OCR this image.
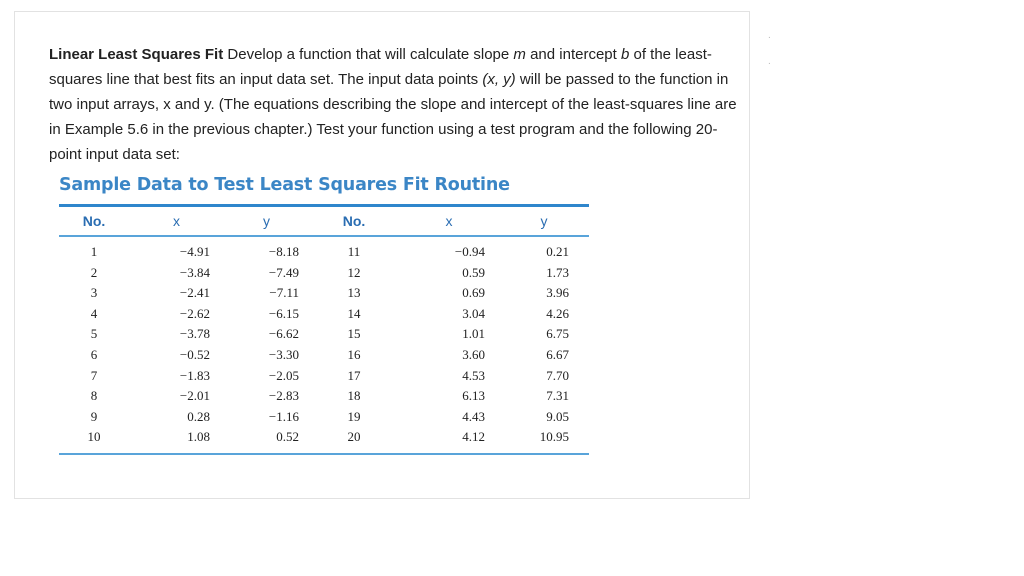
Linear Least Squares Fit Develop a function that will calculate slope m and intercept b of the least-squares line that best fits an input data set. The input data points (x, y) will be passed to the function in two input arrays, x and y. (The equations describing the slope and intercept of the least-squares line are in Example 5.6 in the previous chapter.) Test your function using a test program and the following 20-point input data set:
Sample Data to Test Least Squares Fit Routine
No.	x	y	No.	x	y
1	−4.91	−8.18	11	−0.94	0.21
2	−3.84	−7.49	12	0.59	1.73
3	−2.41	−7.11	13	0.69	3.96
4	−2.62	−6.15	14	3.04	4.26
5	−3.78	−6.62	15	1.01	6.75
6	−0.52	−3.30	16	3.60	6.67
7	−1.83	−2.05	17	4.53	7.70
8	−2.01	−2.83	18	6.13	7.31
9	0.28	−1.16	19	4.43	9.05
10	1.08	0.52	20	4.12	10.95
.
.
